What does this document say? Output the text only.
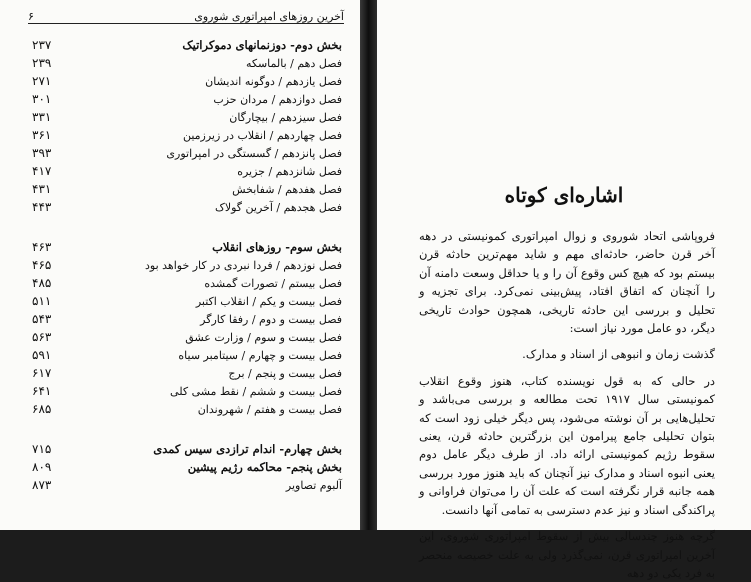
۶	آخرین روزهای امپراتوری شوروی
۲۳۷	بخش دوم- دوزنمانهای دموکراتیک
۲۳۹	فصل دهم / بالماسکه
۲۷۱	فصل یازدهم / دوگونه اندیشان
۳۰۱	فصل دوازدهم / مردان حزب
۳۳۱	فصل سیزدهم / بیچارگان
۳۶۱	فصل چهاردهم / انقلاب در زیرزمین
۳۹۳	فصل پانزدهم / گسستگی در امپراتوری
۴۱۷	فصل شانزدهم / جزیره
۴۳۱	فصل هفدهم / شفابخش
۴۴۳	فصل هجدهم / آخرین گولاک
۴۶۳	بخش سوم- روزهای انقلاب
۴۶۵	فصل نوزدهم / فردا نبردی در کار خواهد بود
۴۸۵	فصل بیستم / تصورات گمشده
۵۱۱	فصل بیست و یکم / انقلاب اکتبر
۵۴۳	فصل بیست و دوم / رفقا کارگر
۵۶۳	فصل بیست و سوم / وزارت عشق
۵۹۱	فصل بیست و چهارم / سیتامبر سیاه
۶۱۷	فصل بیست و پنجم / برج
۶۴۱	فصل بیست و ششم / نقط مشی کلی
۶۸۵	فصل بیست و هفتم / شهروندان
۷۱۵	بخش چهارم- اندام ترازدی سیس کمدی
۸۰۹	بخش پنجم- محاکمه رژیم پیشین
۸۷۳	آلبوم تصاویر
اشاره‌ای کوتاه

فروپاشی اتحاد شوروی و زوال امپراتوری کمونیستی در دهه آخر قرن حاضر، حادثه‌ای مهم و شاید مهم‌ترین حادثه قرن بیستم بود که هیچ کس وقوع آن را و یا حداقل وسعت دامنه آن را آنچنان که اتفاق افتاد، پیش‌بینی نمی‌کرد. برای تجزیه و تحلیل و بررسی این حادثه تاریخی، همچون حوادث تاریخی دیگر، دو عامل مورد نیاز است:

گذشت زمان و انبوهی از اسناد و مدارک.

در حالی که به قول نویسنده کتاب، هنوز وقوع انقلاب کمونیستی سال ۱۹۱۷ تحت مطالعه و بررسی می‌باشد و تحلیل‌هایی بر آن نوشته می‌شود، پس دیگر خیلی زود است که بتوان تحلیلی جامع پیرامون این بزرگترین حادثه قرن، یعنی سقوط رژیم کمونیستی ارائه داد. از طرف دیگر عامل دوم یعنی انبوه اسناد و مدارک نیز آنچنان که باید هنوز مورد بررسی همه جانبه قرار نگرفته است که علت آن را می‌توان فراوانی و پراکندگی اسناد و نیز عدم دسترسی به تمامی آنها دانست.

گرچه هنوز چندسالی بیش از سقوط امپراتوری شوروی، این آخرین امپراتوری قرن، نمی‌گذرد ولی به علت خصیصه منحصر به فرد یکی دو دهه
